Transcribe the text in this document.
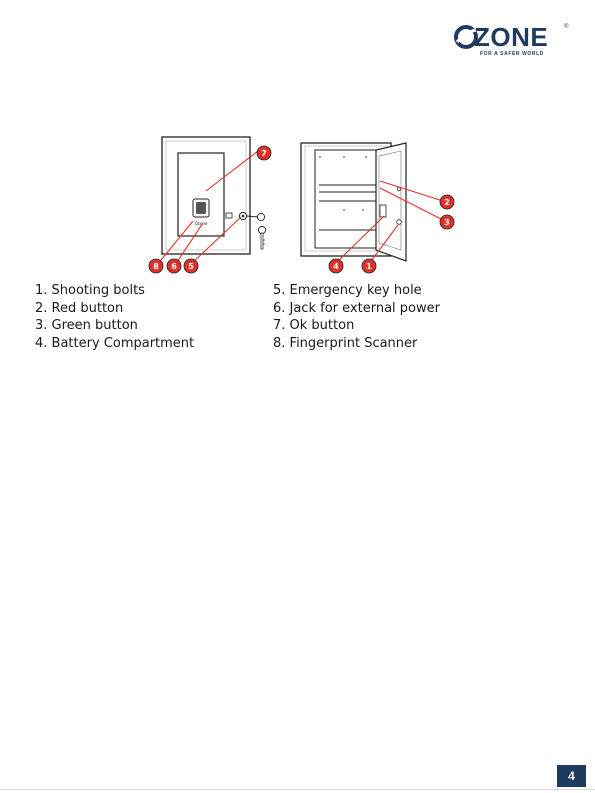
ZONE	®
FOR A SAFER WORLD
Ozone
7
8 6 5
2
3
4	1
1. Shooting bolts
2. Red button
3. Green button
4. Battery Compartment
5. Emergency key hole
6. Jack for external power
7. Ok button
8. Fingerprint Scanner
4
